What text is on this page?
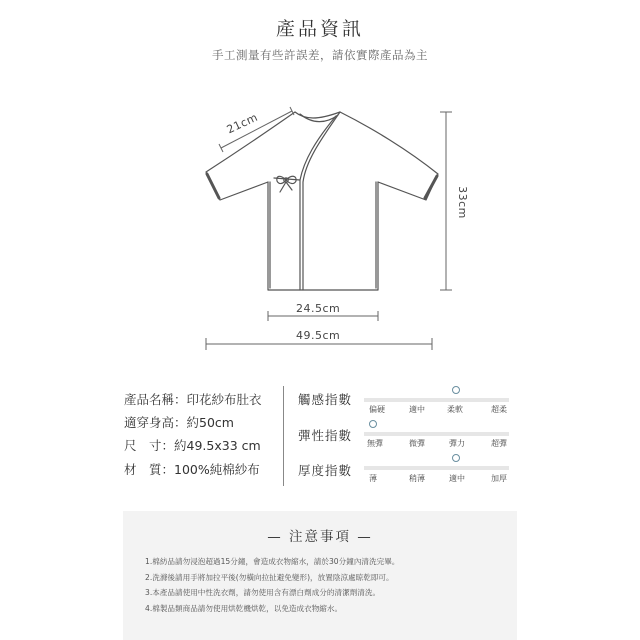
產品資訊
手工測量有些許誤差，請依實際產品為主
21cm
33cm
24.5cm
49.5cm
產品名稱：印花紗布肚衣
適穿身高：約50cm
尺　寸：約49.5x33 cm
材　質：100%純棉紗布
觸感指數
偏硬	適中	柔軟	超柔
彈性指數
無彈	微彈	彈力	超彈
厚度指數
薄	稍薄	適中	加厚
— 注意事項 —
1.棉紡品請勿浸泡超過15分鐘，會造成衣物縮水，請於30分鐘內清洗完畢。
2.洗滌後請用手將加拉平後(勿橫向拉扯避免變形)，放置陰涼處晾乾即可。
3.本產品請使用中性洗衣劑，請勿使用含有漂白劑成分的清潔劑清洗。
4.棉製品類商品請勿使用烘乾機烘乾，以免造成衣物縮水。
